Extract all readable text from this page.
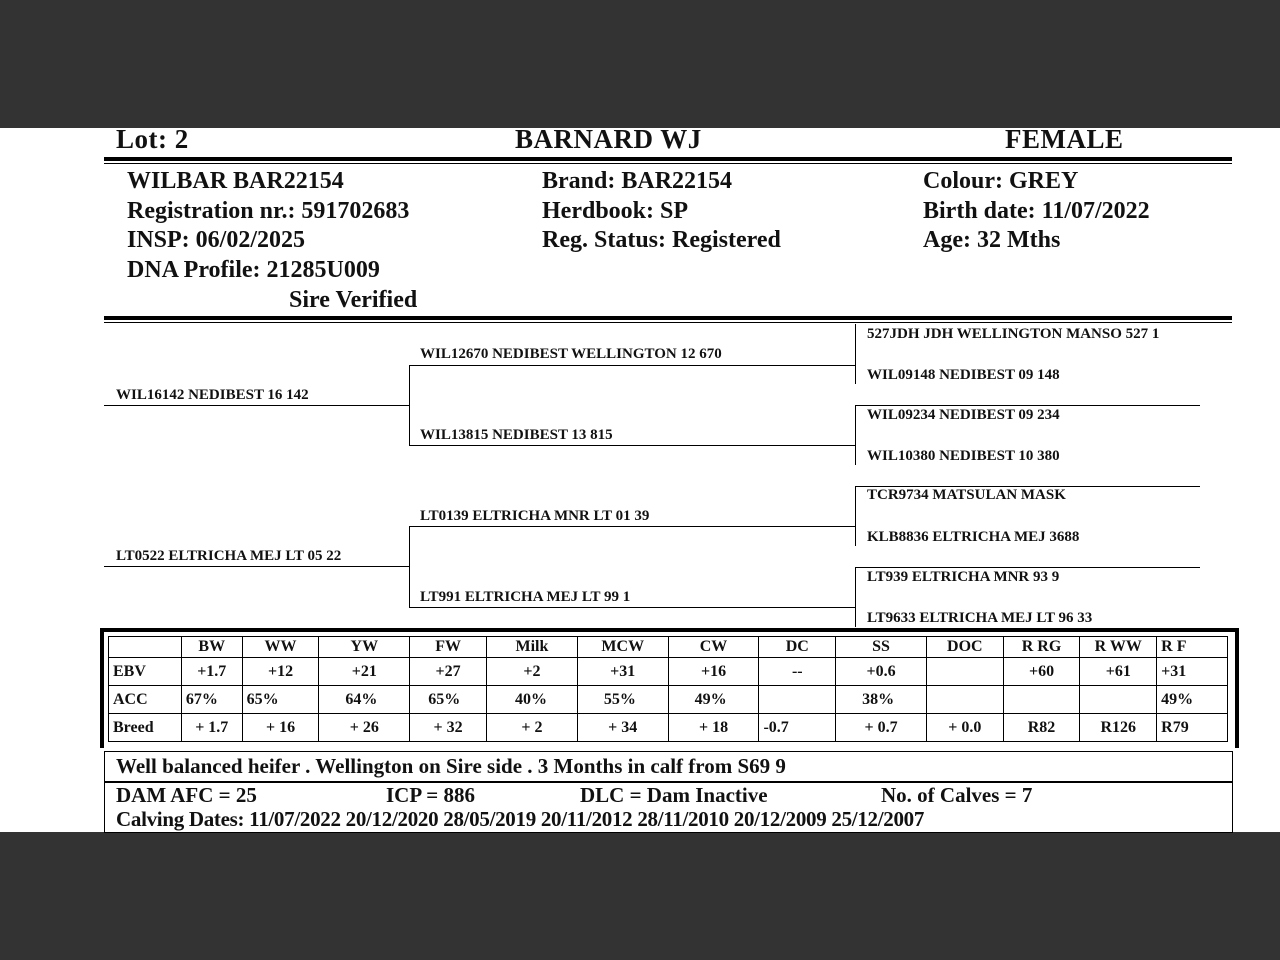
Lot: 2	BARNARD WJ	FEMALE
WILBAR BAR22154
Registration nr.: 591702683
INSP: 06/02/2025
DNA Profile: 21285U009
Sire Verified
Brand: BAR22154
Herdbook: SP
Reg. Status: Registered
Colour: GREY
Birth date: 11/07/2022
Age: 32 Mths
WIL16142 NEDIBEST 16 142
LT0522 ELTRICHA MEJ LT 05 22
WIL12670 NEDIBEST WELLINGTON 12 670
WIL13815 NEDIBEST 13 815
LT0139 ELTRICHA MNR LT 01 39
LT991 ELTRICHA MEJ LT 99 1
527JDH JDH WELLINGTON MANSO 527 1
WIL09148 NEDIBEST 09 148
WIL09234 NEDIBEST 09 234
WIL10380 NEDIBEST 10 380
TCR9734 MATSULAN MASK
KLB8836 ELTRICHA MEJ 3688
LT939 ELTRICHA MNR 93 9
LT9633 ELTRICHA MEJ LT 96 33
	BW	WW	YW	FW	Milk	MCW	CW	DC	SS	DOC	R RG	R WW	R F
EBV	+1.7	+12	+21	+27	+2	+31	+16	--	+0.6		+60	+61	+31
ACC	67%	65%	64%	65%	40%	55%	49%		38%				49%
Breed	+ 1.7	+ 16	+ 26	+ 32	+ 2	+ 34	+ 18	-0.7	+ 0.7	+ 0.0	R82	R126	R79
Well balanced heifer . Wellington on Sire side . 3 Months in calf from S69 9
DAM AFC = 25	ICP = 886	DLC = Dam Inactive	No. of Calves = 7
Calving Dates: 11/07/2022 20/12/2020 28/05/2019 20/11/2012 28/11/2010 20/12/2009 25/12/2007
